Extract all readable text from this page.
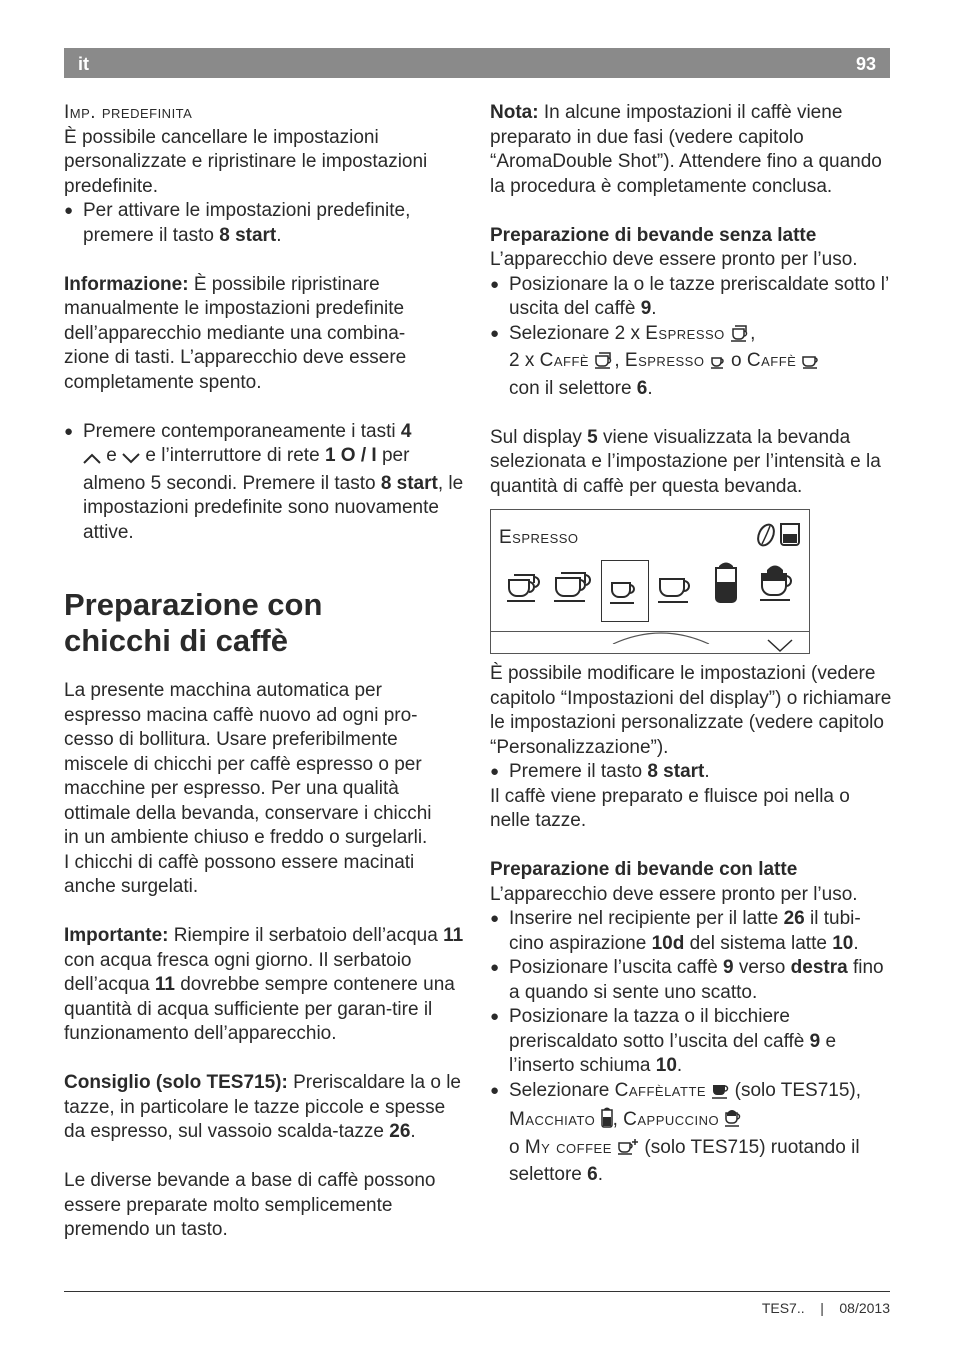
it	93

Imp. predefinita

È possibile cancellare le impostazioni personalizzate e ripristinare le impostazioni predefinite.

● Per attivare le impostazioni predefinite, premere il tasto 8 start.

Informazione: È possibile ripristinare
manualmente le impostazioni predefinite
dell’apparecchio mediante una combina-
zione di tasti. L’apparecchio deve essere
completamente spento.

● Premere contemporaneamente i tasti 4
e  e l’interruttore di rete 1 O / I per almeno 5 secondi. Premere il tasto 8 start, le impostazioni predefinite sono nuovamente attive.

Preparazione con
chicchi di caffè

La presente macchina automatica per
espresso macina caffè nuovo ad ogni pro-
cesso di bollitura. Usare preferibilmente
miscele di chicchi per caffè espresso o per
macchine per espresso. Per una qualità
ottimale della bevanda, conservare i chicchi
in un ambiente chiuso e freddo o surgelarli.
I chicchi di caffè possono essere macinati
anche surgelati.

Importante: Riempire il serbatoio dell’acqua 11 con acqua fresca ogni giorno. Il serbatoio dell’acqua 11 dovrebbe sempre contenere una quantità di acqua sufficiente per garan-tire il funzionamento dell’apparecchio.

Consiglio (solo TES715): Preriscaldare la o le tazze, in particolare le tazze piccole e spesse da espresso, sul vassoio scalda-tazze 26.

Le diverse bevande a base di caffè possono essere preparate molto semplicemente premendo un tasto.

Nota: In alcune impostazioni il caffè viene preparato in due fasi (vedere capitolo “AromaDouble Shot”). Attendere fino a quando la procedura è completamente conclusa.

Preparazione di bevande senza latte

L’apparecchio deve essere pronto per l’uso.

● Posizionare la o le tazze preriscaldate sotto l’ uscita del caffè 9.

● Selezionare 2 x Espresso ,
2 x Caffè , Espresso  o Caffè
con il selettore 6.

Sul display 5 viene visualizzata la bevanda selezionata e l’impostazione per l’intensità e la quantità di caffè per questa bevanda.

Espresso

È possibile modificare le impostazioni (vedere capitolo “Impostazioni del display”) o richiamare le impostazioni personalizzate (vedere capitolo “Personalizzazione”).

● Premere il tasto 8 start.

Il caffè viene preparato e fluisce poi nella o nelle tazze.

Preparazione di bevande con latte

L’apparecchio deve essere pronto per l’uso.

● Inserire nel recipiente per il latte 26 il tubi-cino aspirazione 10d del sistema latte 10.

● Posizionare l’uscita caffè 9 verso destra fino a quando si sente uno scatto.

● Posizionare la tazza o il bicchiere preriscaldato sotto l’uscita del caffè 9 e l’inserto schiuma 10.

● Selezionare Caffèlatte  (solo TES715), Macchiato , Cappuccino
o My coffee  (solo TES715) ruotando il selettore 6.

TES7.. | 08/2013
